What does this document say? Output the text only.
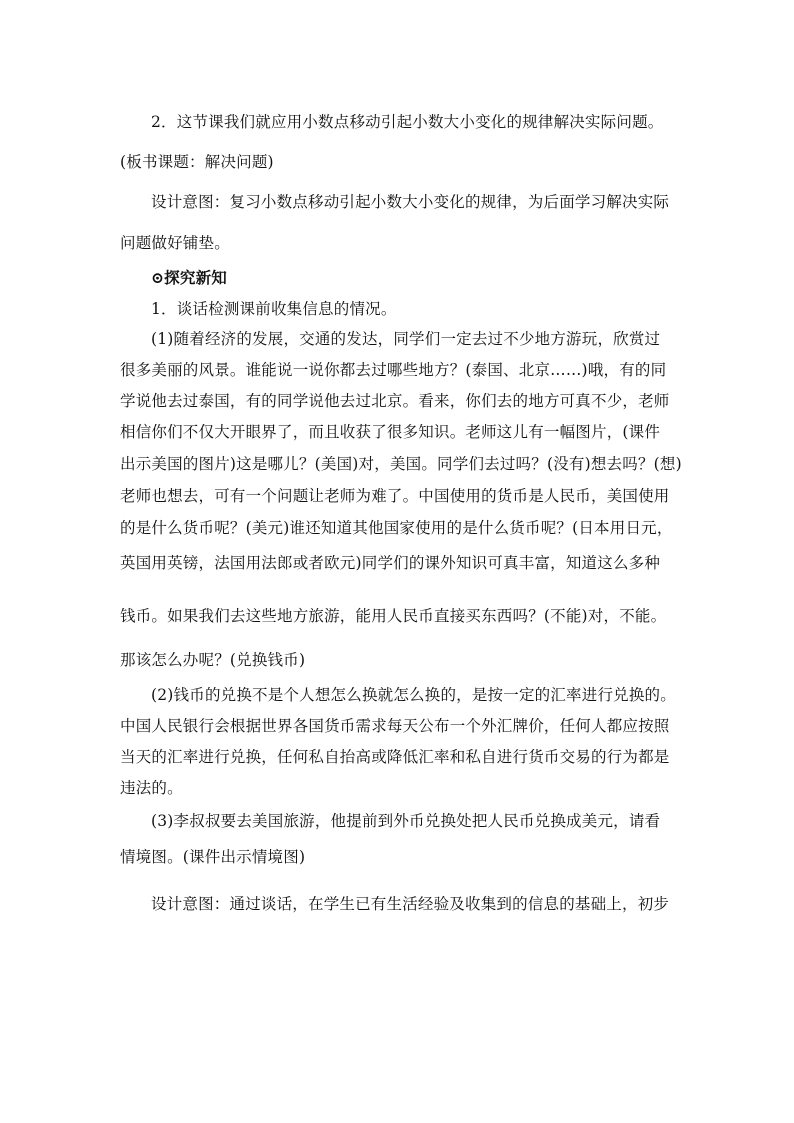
2．这节课我们就应用小数点移动引起小数大小变化的规律解决实际问题。
(板书课题：解决问题)
设计意图：复习小数点移动引起小数大小变化的规律，为后面学习解决实际
问题做好铺垫。
⊙探究新知
1．谈话检测课前收集信息的情况。
(1)随着经济的发展，交通的发达，同学们一定去过不少地方游玩，欣赏过
很多美丽的风景。谁能说一说你都去过哪些地方？(泰国、北京……)哦，有的同
学说他去过泰国，有的同学说他去过北京。看来，你们去的地方可真不少，老师
相信你们不仅大开眼界了，而且收获了很多知识。老师这儿有一幅图片，(课件
出示美国的图片)这是哪儿？(美国)对，美国。同学们去过吗？(没有)想去吗？(想)
老师也想去，可有一个问题让老师为难了。中国使用的货币是人民币，美国使用
的是什么货币呢？(美元)谁还知道其他国家使用的是什么货币呢？(日本用日元，
英国用英镑，法国用法郎或者欧元)同学们的课外知识可真丰富，知道这么多种
钱币。如果我们去这些地方旅游，能用人民币直接买东西吗？(不能)对，不能。
那该怎么办呢？(兑换钱币)
(2)钱币的兑换不是个人想怎么换就怎么换的，是按一定的汇率进行兑换的。
中国人民银行会根据世界各国货币需求每天公布一个外汇牌价，任何人都应按照
当天的汇率进行兑换，任何私自抬高或降低汇率和私自进行货币交易的行为都是
违法的。
(3)李叔叔要去美国旅游，他提前到外币兑换处把人民币兑换成美元，请看
情境图。(课件出示情境图)
设计意图：通过谈话，在学生已有生活经验及收集到的信息的基础上，初步
